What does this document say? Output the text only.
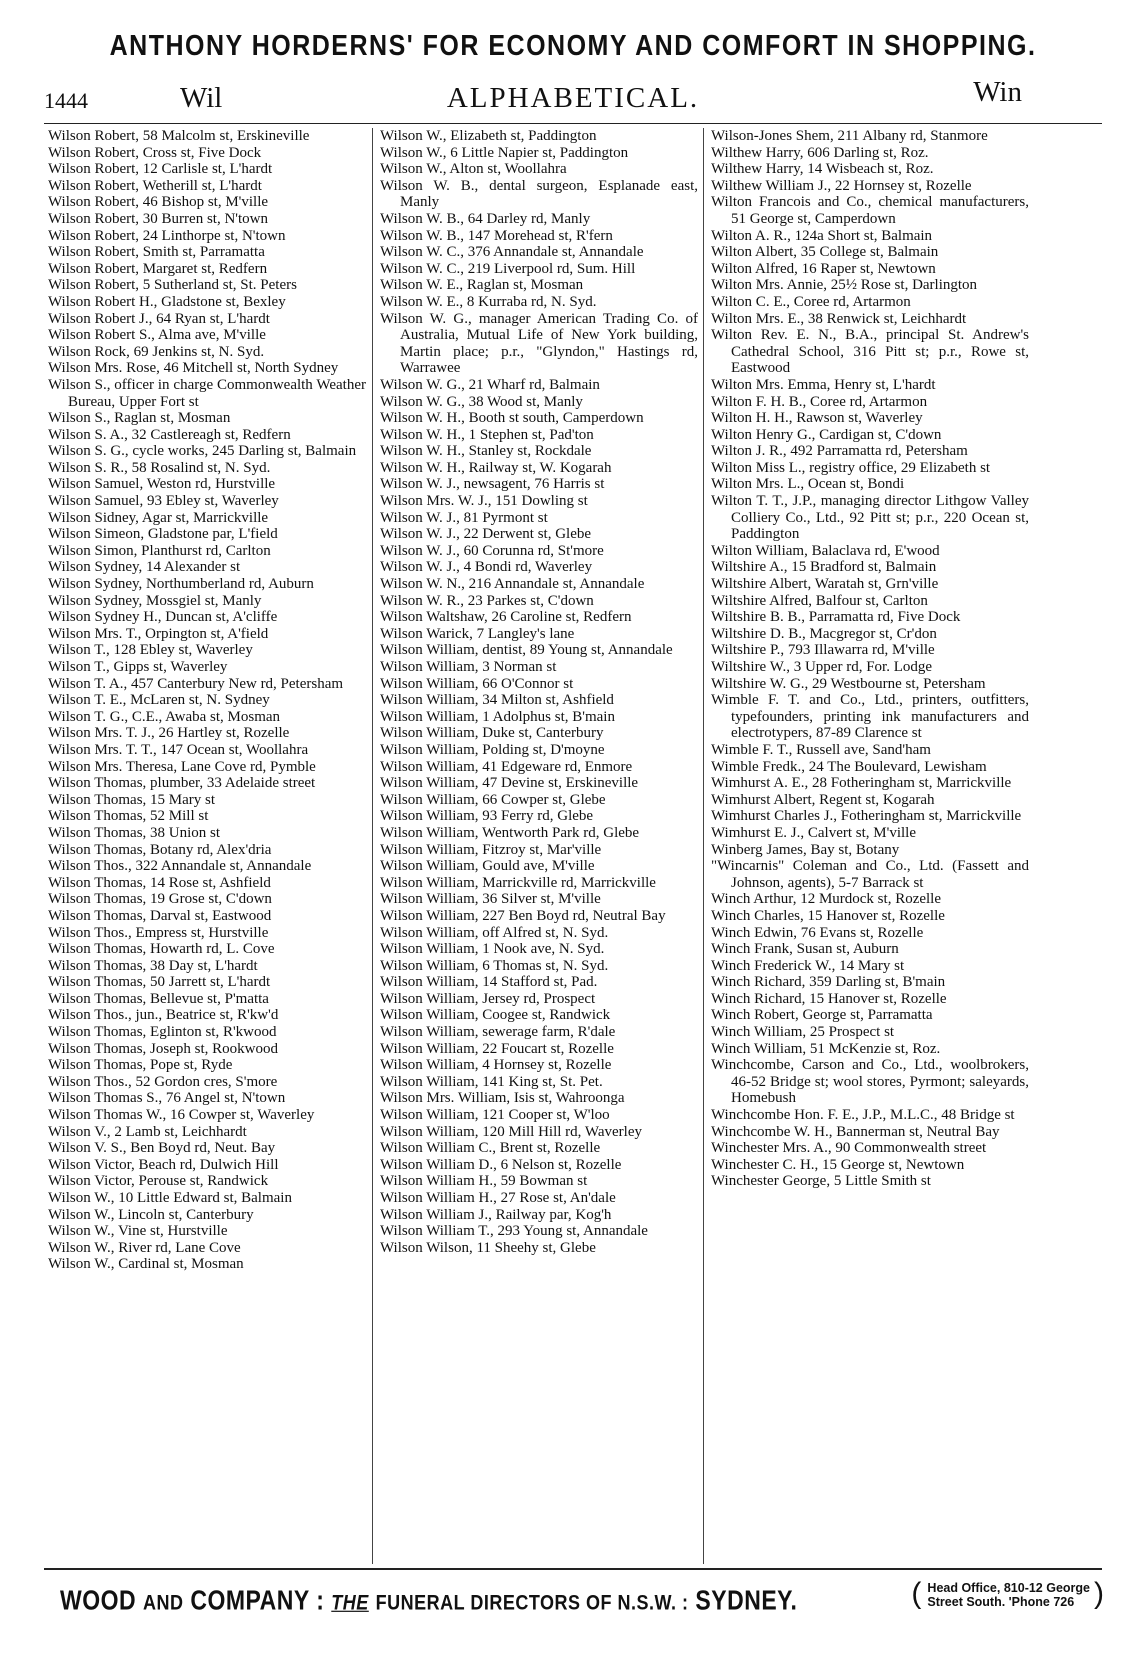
ANTHONY HORDERNS' FOR ECONOMY AND COMFORT IN SHOPPING.
1444	Wil	ALPHABETICAL.	Win

Wilson Robert, 58 Malcolm st, Erskineville

Wilson Robert, Cross st, Five Dock

Wilson Robert, 12 Carlisle st, L'hardt

Wilson Robert, Wetherill st, L'hardt

Wilson Robert, 46 Bishop st, M'ville

Wilson Robert, 30 Burren st, N'town

Wilson Robert, 24 Linthorpe st, N'town

Wilson Robert, Smith st, Parramatta

Wilson Robert, Margaret st, Redfern

Wilson Robert, 5 Sutherland st, St. Peters

Wilson Robert H., Gladstone st, Bexley

Wilson Robert J., 64 Ryan st, L'hardt

Wilson Robert S., Alma ave, M'ville

Wilson Rock, 69 Jenkins st, N. Syd.

Wilson Mrs. Rose, 46 Mitchell st, North Sydney

Wilson S., officer in charge Commonwealth Weather Bureau, Upper Fort st

Wilson S., Raglan st, Mosman

Wilson S. A., 32 Castlereagh st, Redfern

Wilson S. G., cycle works, 245 Darling st, Balmain

Wilson S. R., 58 Rosalind st, N. Syd.

Wilson Samuel, Weston rd, Hurstville

Wilson Samuel, 93 Ebley st, Waverley

Wilson Sidney, Agar st, Marrickville

Wilson Simeon, Gladstone par, L'field

Wilson Simon, Planthurst rd, Carlton

Wilson Sydney, 14 Alexander st

Wilson Sydney, Northumberland rd, Auburn

Wilson Sydney, Mossgiel st, Manly

Wilson Sydney H., Duncan st, A'cliffe

Wilson Mrs. T., Orpington st, A'field

Wilson T., 128 Ebley st, Waverley

Wilson T., Gipps st, Waverley

Wilson T. A., 457 Canterbury New rd, Petersham

Wilson T. E., McLaren st, N. Sydney

Wilson T. G., C.E., Awaba st, Mosman

Wilson Mrs. T. J., 26 Hartley st, Rozelle

Wilson Mrs. T. T., 147 Ocean st, Woollahra

Wilson Mrs. Theresa, Lane Cove rd, Pymble

Wilson Thomas, plumber, 33 Adelaide street

Wilson Thomas, 15 Mary st

Wilson Thomas, 52 Mill st

Wilson Thomas, 38 Union st

Wilson Thomas, Botany rd, Alex'dria

Wilson Thos., 322 Annandale st, Annandale

Wilson Thomas, 14 Rose st, Ashfield

Wilson Thomas, 19 Grose st, C'down

Wilson Thomas, Darval st, Eastwood

Wilson Thos., Empress st, Hurstville

Wilson Thomas, Howarth rd, L. Cove

Wilson Thomas, 38 Day st, L'hardt

Wilson Thomas, 50 Jarrett st, L'hardt

Wilson Thomas, Bellevue st, P'matta

Wilson Thos., jun., Beatrice st, R'kw'd

Wilson Thomas, Eglinton st, R'kwood

Wilson Thomas, Joseph st, Rookwood

Wilson Thomas, Pope st, Ryde

Wilson Thos., 52 Gordon cres, S'more

Wilson Thomas S., 76 Angel st, N'town

Wilson Thomas W., 16 Cowper st, Waverley

Wilson V., 2 Lamb st, Leichhardt

Wilson V. S., Ben Boyd rd, Neut. Bay

Wilson Victor, Beach rd, Dulwich Hill

Wilson Victor, Perouse st, Randwick

Wilson W., 10 Little Edward st, Balmain

Wilson W., Lincoln st, Canterbury

Wilson W., Vine st, Hurstville

Wilson W., River rd, Lane Cove

Wilson W., Cardinal st, Mosman

Wilson W., Elizabeth st, Paddington

Wilson W., 6 Little Napier st, Paddington

Wilson W., Alton st, Woollahra

Wilson W. B., dental surgeon, Esplanade east, Manly

Wilson W. B., 64 Darley rd, Manly

Wilson W. B., 147 Morehead st, R'fern

Wilson W. C., 376 Annandale st, Annandale

Wilson W. C., 219 Liverpool rd, Sum. Hill

Wilson W. E., Raglan st, Mosman

Wilson W. E., 8 Kurraba rd, N. Syd.

Wilson W. G., manager American Trading Co. of Australia, Mutual Life of New York building, Martin place; p.r., "Glyndon," Hastings rd, Warrawee

Wilson W. G., 21 Wharf rd, Balmain

Wilson W. G., 38 Wood st, Manly

Wilson W. H., Booth st south, Camperdown

Wilson W. H., 1 Stephen st, Pad'ton

Wilson W. H., Stanley st, Rockdale

Wilson W. H., Railway st, W. Kogarah

Wilson W. J., newsagent, 76 Harris st

Wilson Mrs. W. J., 151 Dowling st

Wilson W. J., 81 Pyrmont st

Wilson W. J., 22 Derwent st, Glebe

Wilson W. J., 60 Corunna rd, St'more

Wilson W. J., 4 Bondi rd, Waverley

Wilson W. N., 216 Annandale st, Annandale

Wilson W. R., 23 Parkes st, C'down

Wilson Waltshaw, 26 Caroline st, Redfern

Wilson Warick, 7 Langley's lane

Wilson William, dentist, 89 Young st, Annandale

Wilson William, 3 Norman st

Wilson William, 66 O'Connor st

Wilson William, 34 Milton st, Ashfield

Wilson William, 1 Adolphus st, B'main

Wilson William, Duke st, Canterbury

Wilson William, Polding st, D'moyne

Wilson William, 41 Edgeware rd, Enmore

Wilson William, 47 Devine st, Erskineville

Wilson William, 66 Cowper st, Glebe

Wilson William, 93 Ferry rd, Glebe

Wilson William, Wentworth Park rd, Glebe

Wilson William, Fitzroy st, Mar'ville

Wilson William, Gould ave, M'ville

Wilson William, Marrickville rd, Marrickville

Wilson William, 36 Silver st, M'ville

Wilson William, 227 Ben Boyd rd, Neutral Bay

Wilson William, off Alfred st, N. Syd.

Wilson William, 1 Nook ave, N. Syd.

Wilson William, 6 Thomas st, N. Syd.

Wilson William, 14 Stafford st, Pad.

Wilson William, Jersey rd, Prospect

Wilson William, Coogee st, Randwick

Wilson William, sewerage farm, R'dale

Wilson William, 22 Foucart st, Rozelle

Wilson William, 4 Hornsey st, Rozelle

Wilson William, 141 King st, St. Pet.

Wilson Mrs. William, Isis st, Wahroonga

Wilson William, 121 Cooper st, W'loo

Wilson William, 120 Mill Hill rd, Waverley

Wilson William C., Brent st, Rozelle

Wilson William D., 6 Nelson st, Rozelle

Wilson William H., 59 Bowman st

Wilson William H., 27 Rose st, An'dale

Wilson William J., Railway par, Kog'h

Wilson William T., 293 Young st, Annandale

Wilson Wilson, 11 Sheehy st, Glebe

Wilson-Jones Shem, 211 Albany rd, Stanmore

Wilthew Harry, 606 Darling st, Roz.

Wilthew Harry, 14 Wisbeach st, Roz.

Wilthew William J., 22 Hornsey st, Rozelle

Wilton Francois and Co., chemical manufacturers, 51 George st, Camperdown

Wilton A. R., 124a Short st, Balmain

Wilton Albert, 35 College st, Balmain

Wilton Alfred, 16 Raper st, Newtown

Wilton Mrs. Annie, 25½ Rose st, Darlington

Wilton C. E., Coree rd, Artarmon

Wilton Mrs. E., 38 Renwick st, Leichhardt

Wilton Rev. E. N., B.A., principal St. Andrew's Cathedral School, 316 Pitt st; p.r., Rowe st, Eastwood

Wilton Mrs. Emma, Henry st, L'hardt

Wilton F. H. B., Coree rd, Artarmon

Wilton H. H., Rawson st, Waverley

Wilton Henry G., Cardigan st, C'down

Wilton J. R., 492 Parramatta rd, Petersham

Wilton Miss L., registry office, 29 Elizabeth st

Wilton Mrs. L., Ocean st, Bondi

Wilton T. T., J.P., managing director Lithgow Valley Colliery Co., Ltd., 92 Pitt st; p.r., 220 Ocean st, Paddington

Wilton William, Balaclava rd, E'wood

Wiltshire A., 15 Bradford st, Balmain

Wiltshire Albert, Waratah st, Grn'ville

Wiltshire Alfred, Balfour st, Carlton

Wiltshire B. B., Parramatta rd, Five Dock

Wiltshire D. B., Macgregor st, Cr'don

Wiltshire P., 793 Illawarra rd, M'ville

Wiltshire W., 3 Upper rd, For. Lodge

Wiltshire W. G., 29 Westbourne st, Petersham

Wimble F. T. and Co., Ltd., printers, outfitters, typefounders, printing ink manufacturers and electrotypers, 87-89 Clarence st

Wimble F. T., Russell ave, Sand'ham

Wimble Fredk., 24 The Boulevard, Lewisham

Wimhurst A. E., 28 Fotheringham st, Marrickville

Wimhurst Albert, Regent st, Kogarah

Wimhurst Charles J., Fotheringham st, Marrickville

Wimhurst E. J., Calvert st, M'ville

Winberg James, Bay st, Botany

"Wincarnis" Coleman and Co., Ltd. (Fassett and Johnson, agents), 5-7 Barrack st

Winch Arthur, 12 Murdock st, Rozelle

Winch Charles, 15 Hanover st, Rozelle

Winch Edwin, 76 Evans st, Rozelle

Winch Frank, Susan st, Auburn

Winch Frederick W., 14 Mary st

Winch Richard, 359 Darling st, B'main

Winch Richard, 15 Hanover st, Rozelle

Winch Robert, George st, Parramatta

Winch William, 25 Prospect st

Winch William, 51 McKenzie st, Roz.

Winchcombe, Carson and Co., Ltd., woolbrokers, 46-52 Bridge st; wool stores, Pyrmont; saleyards, Homebush

Winchcombe Hon. F. E., J.P., M.L.C., 48 Bridge st

Winchcombe W. H., Bannerman st, Neutral Bay

Winchester Mrs. A., 90 Commonwealth street

Winchester C. H., 15 George st, Newtown

Winchester George, 5 Little Smith st

WOOD AND COMPANY : THE FUNERAL DIRECTORS OF N.S.W. : SYDNEY.	( Head Office, 810-12 George
Street South. 'Phone 726 )
